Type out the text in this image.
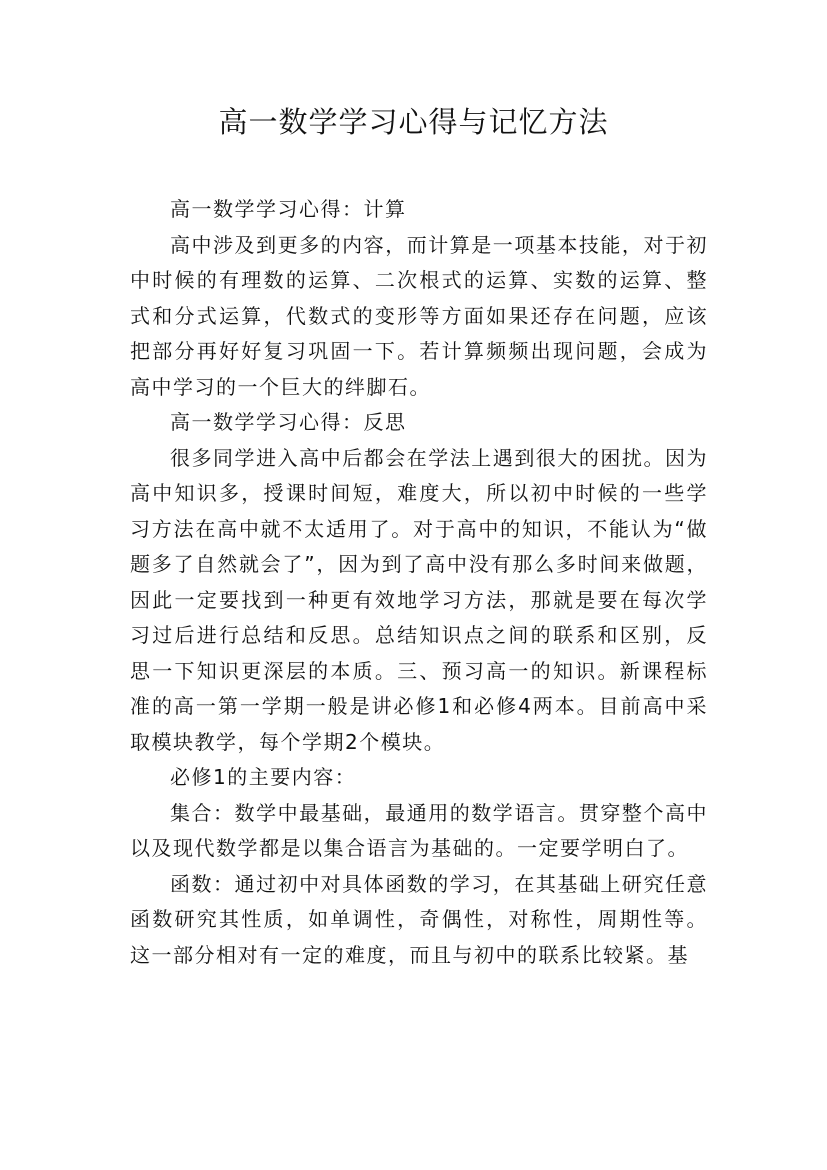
高一数学学习心得与记忆方法

高一数学学习心得：计算

高中涉及到更多的内容，而计算是一项基本技能，对于初中时候的有理数的运算、二次根式的运算、实数的运算、整式和分式运算，代数式的变形等方面如果还存在问题，应该把部分再好好复习巩固一下。若计算频频出现问题，会成为高中学习的一个巨大的绊脚石。

高一数学学习心得：反思

很多同学进入高中后都会在学法上遇到很大的困扰。因为高中知识多，授课时间短，难度大，所以初中时候的一些学习方法在高中就不太适用了。对于高中的知识，不能认为“做题多了自然就会了”，因为到了高中没有那么多时间来做题，因此一定要找到一种更有效地学习方法，那就是要在每次学习过后进行总结和反思。总结知识点之间的联系和区别，反思一下知识更深层的本质。三、预习高一的知识。新课程标准的高一第一学期一般是讲必修1和必修4两本。目前高中采取模块教学，每个学期2个模块。

必修1的主要内容：

集合：数学中最基础，最通用的数学语言。贯穿整个高中以及现代数学都是以集合语言为基础的。一定要学明白了。

函数：通过初中对具体函数的学习，在其基础上研究任意函数研究其性质，如单调性，奇偶性，对称性，周期性等。这一部分相对有一定的难度，而且与初中的联系比较紧。基
